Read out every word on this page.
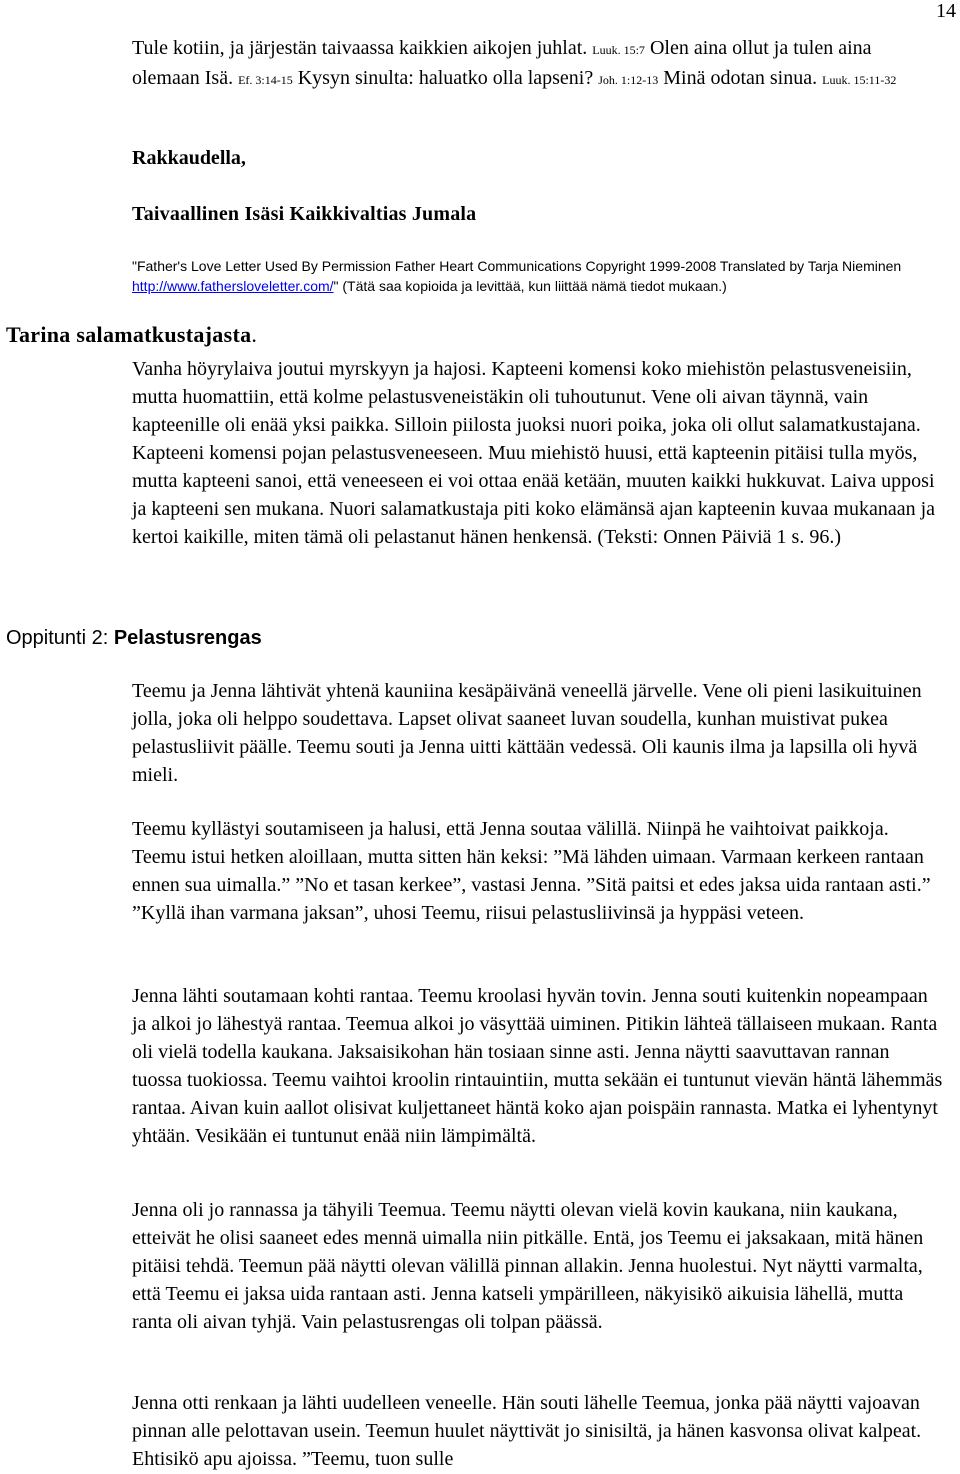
14

Tule kotiin, ja järjestän taivaassa kaikkien aikojen juhlat. Luuk. 15:7 Olen aina ollut ja tulen aina olemaan Isä. Ef. 3:14-15 Kysyn sinulta: haluatko olla lapseni? Joh. 1:12-13 Minä odotan sinua. Luuk. 15:11-32

Rakkaudella,

Taivaallinen Isäsi Kaikkivaltias Jumala

"Father's Love Letter Used By Permission Father Heart Communications Copyright 1999-2008 Translated by Tarja Nieminen http://www.fathersloveletter.com/" (Tätä saa kopioida ja levittää, kun liittää nämä tiedot mukaan.)

Tarina salamatkustajasta.

Vanha höyrylaiva joutui myrskyyn ja hajosi. Kapteeni komensi koko miehistön pelastusveneisiin, mutta huomattiin, että kolme pelastusveneistäkin oli tuhoutunut. Vene oli aivan täynnä, vain kapteenille oli enää yksi paikka. Silloin piilosta juoksi nuori poika, joka oli ollut salamatkustajana. Kapteeni komensi pojan pelastusveneeseen. Muu miehistö huusi, että kapteenin pitäisi tulla myös, mutta kapteeni sanoi, että veneeseen ei voi ottaa enää ketään, muuten kaikki hukkuvat. Laiva upposi ja kapteeni sen mukana. Nuori salamatkustaja piti koko elämänsä ajan kapteenin kuvaa mukanaan ja kertoi kaikille, miten tämä oli pelastanut hänen henkensä. (Teksti: Onnen Päiviä 1 s. 96.)

Oppitunti 2: Pelastusrengas

Teemu ja Jenna lähtivät yhtenä kauniina kesäpäivänä veneellä järvelle. Vene oli pieni lasikuituinen jolla, joka oli helppo soudettava. Lapset olivat saaneet luvan soudella, kunhan muistivat pukea pelastusliivit päälle. Teemu souti ja Jenna uitti kättään vedessä. Oli kaunis ilma ja lapsilla oli hyvä mieli.

Teemu kyllästyi soutamiseen ja halusi, että Jenna soutaa välillä. Niinpä he vaihtoivat paikkoja. Teemu istui hetken aloillaan, mutta sitten hän keksi: ”Mä lähden uimaan. Varmaan kerkeen rantaan ennen sua uimalla.” ”No et tasan kerkee”, vastasi Jenna. ”Sitä paitsi et edes jaksa uida rantaan asti.” ”Kyllä ihan varmana jaksan”, uhosi Teemu, riisui pelastusliivinsä ja hyppäsi veteen.

Jenna lähti soutamaan kohti rantaa. Teemu kroolasi hyvän tovin. Jenna souti kuitenkin nopeampaan ja alkoi jo lähestyä rantaa. Teemua alkoi jo väsyttää uiminen. Pitikin lähteä tällaiseen mukaan. Ranta oli vielä todella kaukana. Jaksaisikohan hän tosiaan sinne asti. Jenna näytti saavuttavan rannan tuossa tuokiossa. Teemu vaihtoi kroolin rintauintiin, mutta sekään ei tuntunut vievän häntä lähemmäs rantaa. Aivan kuin aallot olisivat kuljettaneet häntä koko ajan poispäin rannasta. Matka ei lyhentynyt yhtään. Vesikään ei tuntunut enää niin lämpimältä.

Jenna oli jo rannassa ja tähyili Teemua. Teemu näytti olevan vielä kovin kaukana, niin kaukana, etteivät he olisi saaneet edes mennä uimalla niin pitkälle. Entä, jos Teemu ei jaksakaan, mitä hänen pitäisi tehdä. Teemun pää näytti olevan välillä pinnan allakin. Jenna huolestui. Nyt näytti varmalta, että Teemu ei jaksa uida rantaan asti. Jenna katseli ympärilleen, näkyisikö aikuisia lähellä, mutta ranta oli aivan tyhjä. Vain pelastusrengas oli tolpan päässä.

Jenna otti renkaan ja lähti uudelleen veneelle. Hän souti lähelle Teemua, jonka pää näytti vajoavan pinnan alle pelottavan usein. Teemun huulet näyttivät jo sinisiltä, ja hänen kasvonsa olivat kalpeat. Ehtisikö apu ajoissa. ”Teemu, tuon sulle
